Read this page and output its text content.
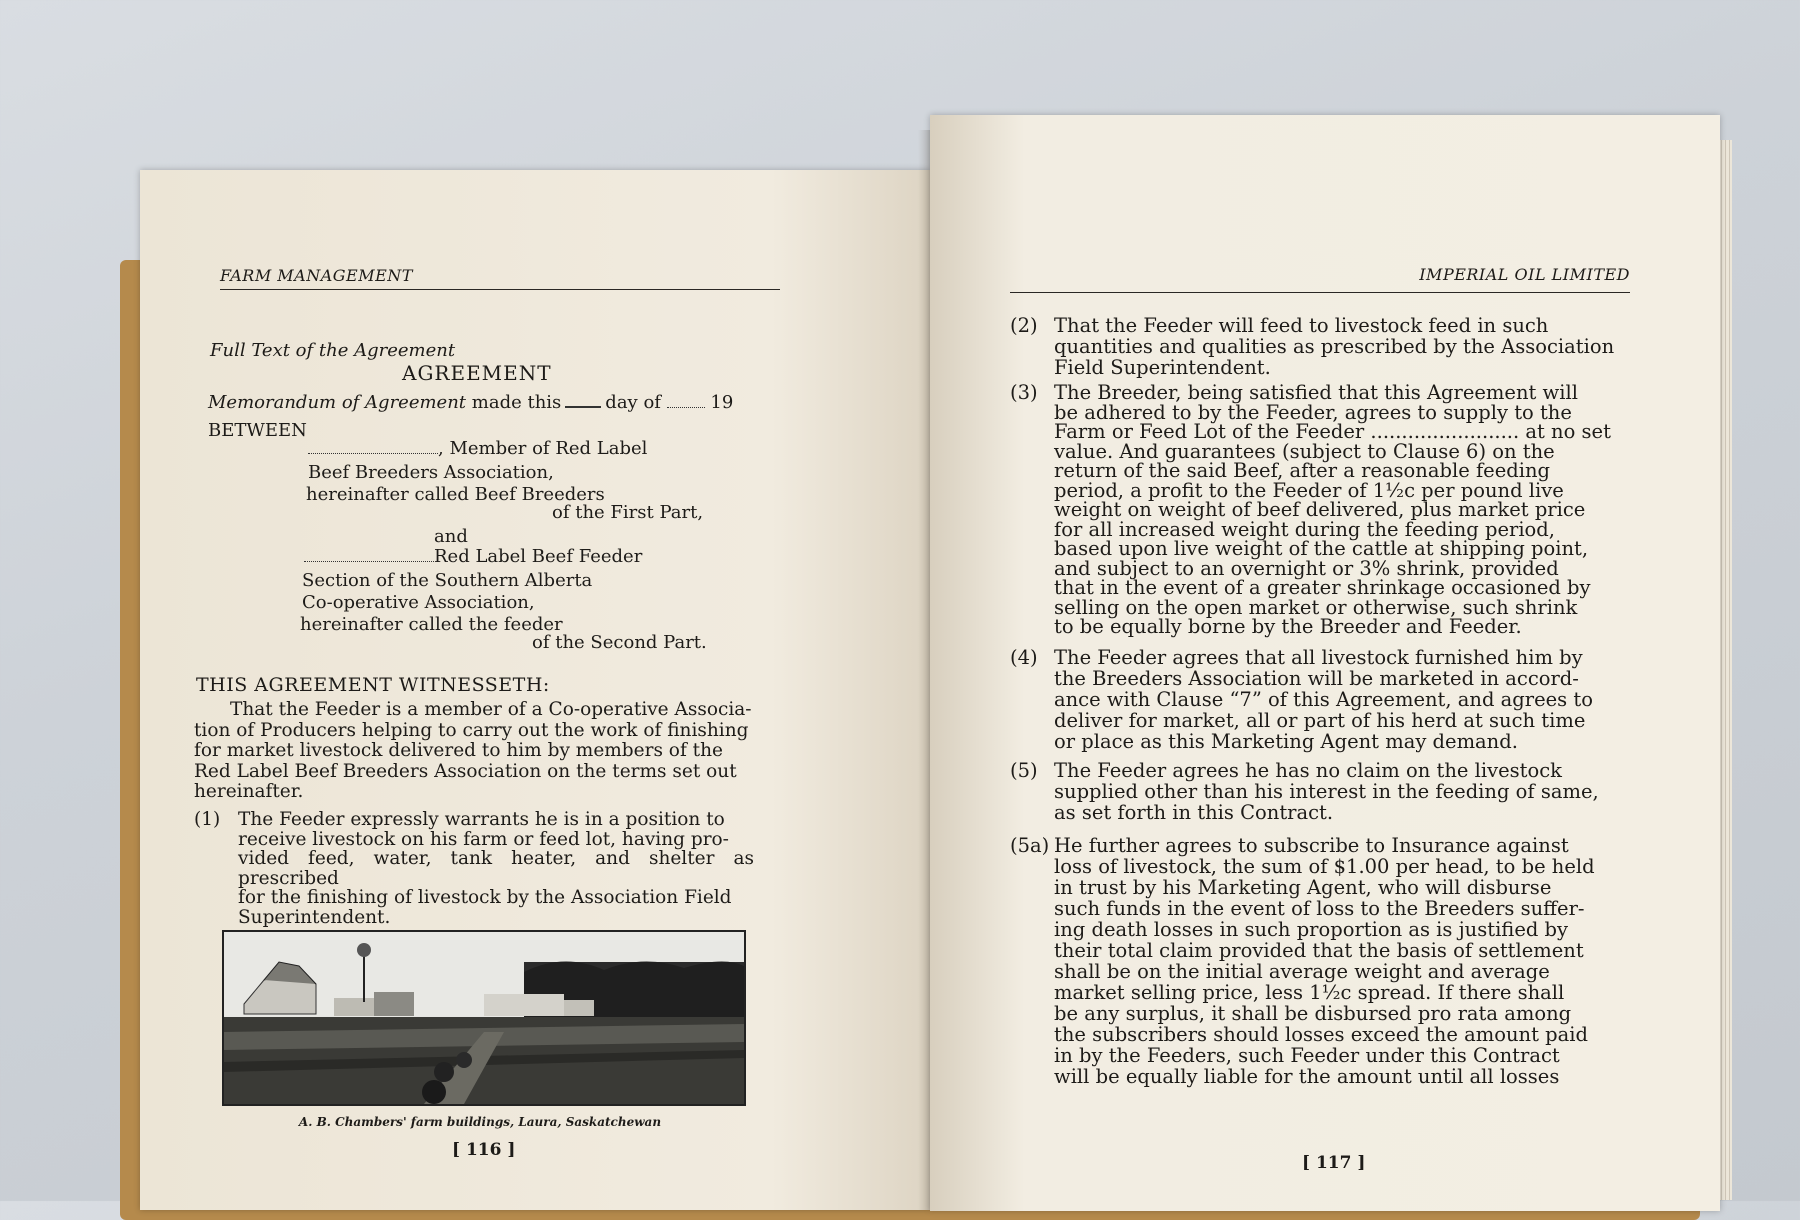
FARM MANAGEMENT
Full Text of the Agreement
AGREEMENT
Memorandum of Agreement made this day of	19
BETWEEN
, Member of Red Label
Beef Breeders Association,
hereinafter called Beef Breeders
of the First Part,
and
Red Label Beef Feeder
Section of the Southern Alberta
Co-operative Association,
hereinafter called the feeder
of the Second Part.
THIS AGREEMENT WITNESSETH:
That the Feeder is a member of a Co-operative Associa-
tion of Producers helping to carry out the work of finishing
for market livestock delivered to him by members of the
Red Label Beef Breeders Association on the terms set out
hereinafter.
(1) The Feeder expressly warrants he is in a position to
receive livestock on his farm or feed lot, having pro-
vided feed, water, tank heater, and shelter as prescribed
for the finishing of livestock by the Association Field
Superintendent.
A. B. Chambers' farm buildings, Laura, Saskatchewan
[ 116 ]
IMPERIAL OIL LIMITED
(2) That the Feeder will feed to livestock feed in such
quantities and qualities as prescribed by the Association
Field Superintendent.
(3) The Breeder, being satisfied that this Agreement will
be adhered to by the Feeder, agrees to supply to the
Farm or Feed Lot of the Feeder ........................ at no set
value. And guarantees (subject to Clause 6) on the
return of the said Beef, after a reasonable feeding
period, a profit to the Feeder of 1½c per pound live
weight on weight of beef delivered, plus market price
for all increased weight during the feeding period,
based upon live weight of the cattle at shipping point,
and subject to an overnight or 3% shrink, provided
that in the event of a greater shrinkage occasioned by
selling on the open market or otherwise, such shrink
to be equally borne by the Breeder and Feeder.
(4) The Feeder agrees that all livestock furnished him by
the Breeders Association will be marketed in accord-
ance with Clause “7” of this Agreement, and agrees to
deliver for market, all or part of his herd at such time
or place as this Marketing Agent may demand.
(5) The Feeder agrees he has no claim on the livestock
supplied other than his interest in the feeding of same,
as set forth in this Contract.
(5a) He further agrees to subscribe to Insurance against
loss of livestock, the sum of $1.00 per head, to be held
in trust by his Marketing Agent, who will disburse
such funds in the event of loss to the Breeders suffer-
ing death losses in such proportion as is justified by
their total claim provided that the basis of settlement
shall be on the initial average weight and average
market selling price, less 1½c spread. If there shall
be any surplus, it shall be disbursed pro rata among
the subscribers should losses exceed the amount paid
in by the Feeders, such Feeder under this Contract
will be equally liable for the amount until all losses
[ 117 ]
